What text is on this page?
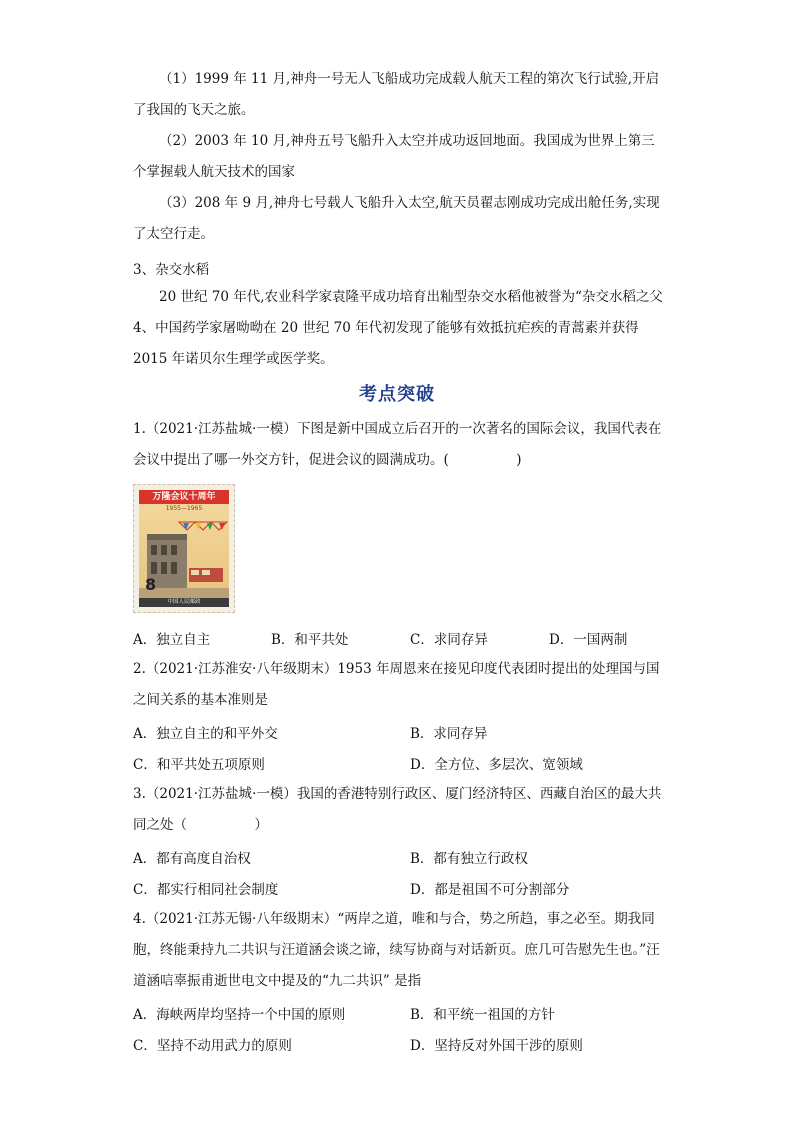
（1）1999 年 11 月,神舟一号无人飞船成功完成载人航天工程的第次飞行试验,开启了我国的飞天之旅。
（2）2003 年 10 月,神舟五号飞船升入太空并成功返回地面。我国成为世界上第三个掌握载人航天技术的国家
（3）208 年 9 月,神舟七号载人飞船升入太空,航天员翟志刚成功完成出舱任务,实现了太空行走。
3、杂交水稻
20 世纪 70 年代,农业科学家袁隆平成功培育出籼型杂交水稻他被誉为“杂交水稻之父　　4、中国药学家屠呦呦在 20 世纪 70 年代初发现了能够有效抵抗疟疾的青蒿素并获得 2015 年诺贝尔生理学或医学奖。
考点突破
1.（2021·江苏盐城·一模）下图是新中国成立后召开的一次著名的国际会议，我国代表在会议中提出了哪一外交方针，促进会议的圆满成功。(　　　　　)
万隆会议十周年
1955—1965
8
中国人民邮政
A．独立自主	B．和平共处	C．求同存异	D．一国两制
2.（2021·江苏淮安·八年级期末）1953 年周恩来在接见印度代表团时提出的处理国与国之间关系的基本准则是
A．独立自主的和平外交	B．求同存异
C．和平共处五项原则	D．全方位、多层次、宽领域
3.（2021·江苏盐城·一模）我国的香港特别行政区、厦门经济特区、西藏自治区的最大共同之处（　　　　　）
A．都有高度自治权	B．都有独立行政权
C．都实行相同社会制度	D．都是祖国不可分割部分
4.（2021·江苏无锡·八年级期末）“两岸之道，唯和与合，势之所趋，事之必至。期我同胞，终能秉持九二共识与汪道涵会谈之谛，续写协商与对话新页。庶几可告慰先生也。”汪道涵唁辜振甫逝世电文中提及的“九二共识” 是指
A．海峡两岸均坚持一个中国的原则	B．和平统一祖国的方针
C．坚持不动用武力的原则	D．坚持反对外国干涉的原则
